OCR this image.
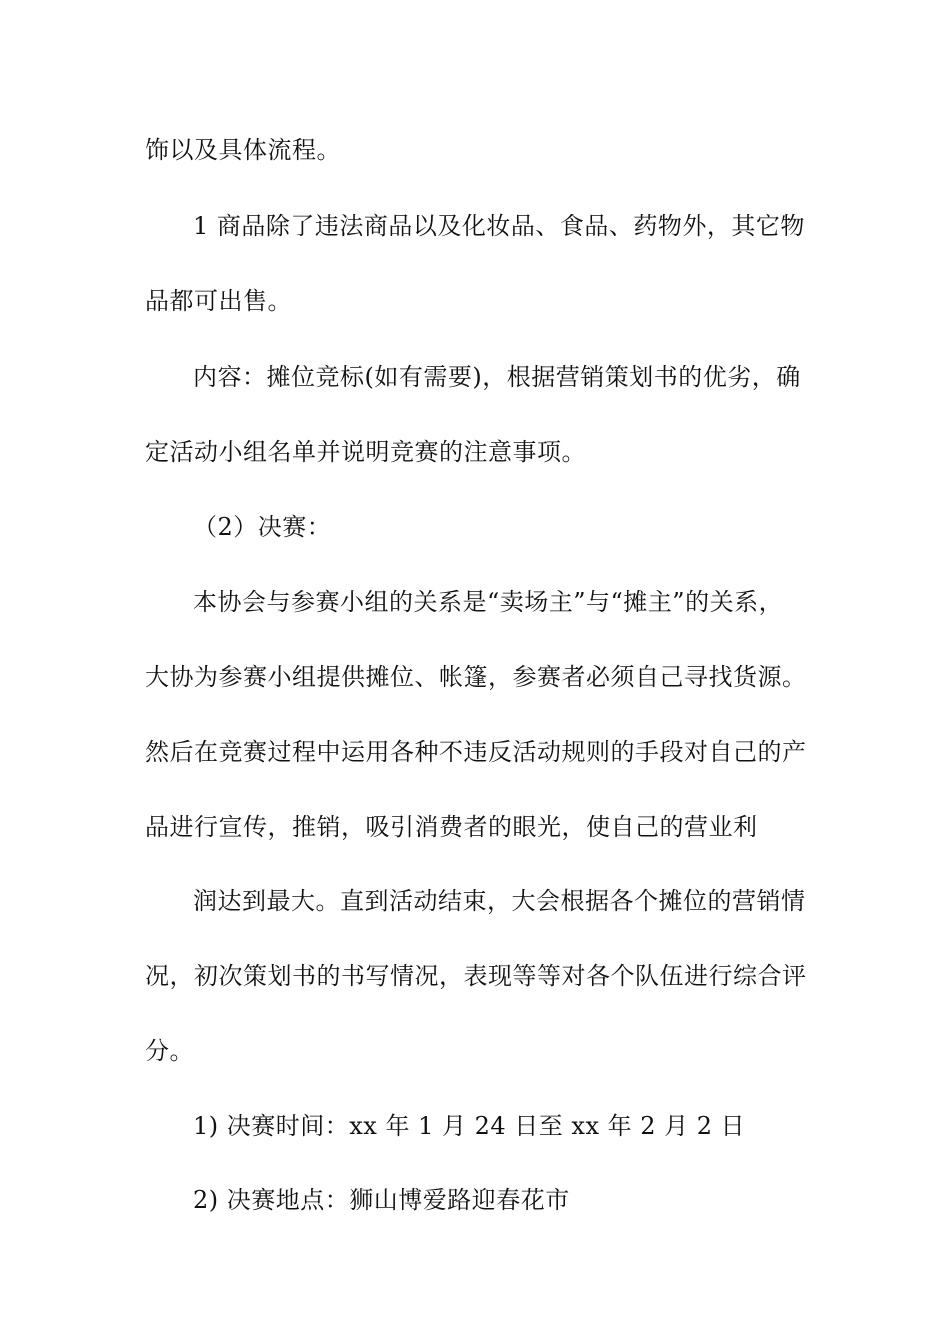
饰以及具体流程。
1 商品除了违法商品以及化妆品、食品、药物外，其它物
品都可出售。
内容：摊位竞标(如有需要)，根据营销策划书的优劣，确
定活动小组名单并说明竞赛的注意事项。
（2）决赛：
本协会与参赛小组的关系是“卖场主”与“摊主”的关系，
大协为参赛小组提供摊位、帐篷，参赛者必须自己寻找货源。
然后在竞赛过程中运用各种不违反活动规则的手段对自己的产
品进行宣传，推销，吸引消费者的眼光，使自己的营业利
润达到最大。直到活动结束，大会根据各个摊位的营销情
况，初次策划书的书写情况，表现等等对各个队伍进行综合评
分。
1) 决赛时间：xx 年 1 月 24 日至 xx 年 2 月 2 日
2) 决赛地点：狮山博爱路迎春花市
